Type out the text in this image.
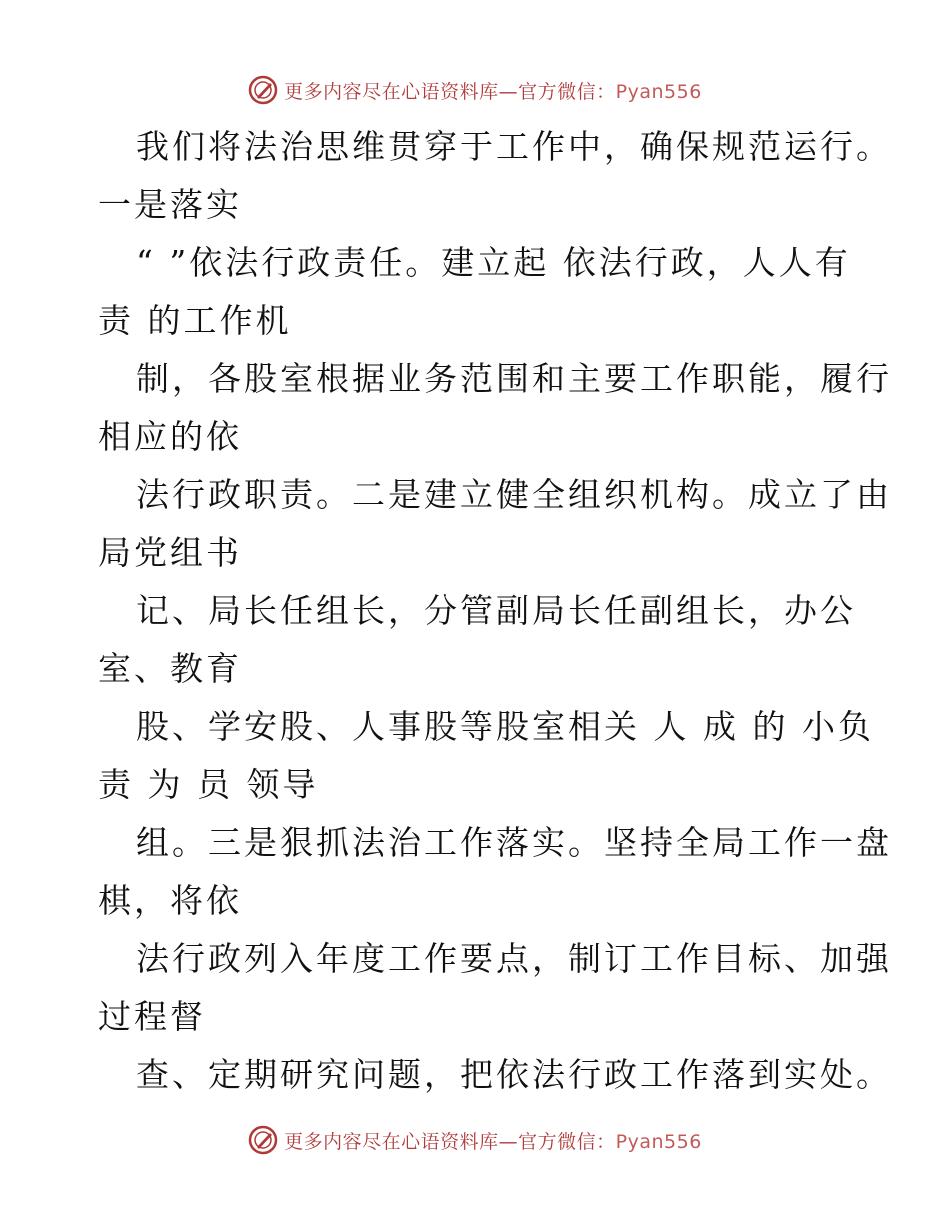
更多内容尽在心语资料库—官方微信：Pyan556
我们将法治思维贯穿于工作中，确保规范运行。
一是落实
“ ”依法行政责任。建立起 依法行政，人人有
责 的工作机
制，各股室根据业务范围和主要工作职能，履行
相应的依
法行政职责。二是建立健全组织机构。成立了由
局党组书
记、局长任组长，分管副局长任副组长，办公
室、教育
股、学安股、人事股等股室相关 人 成 的 小负
责 为 员 领导
组。三是狠抓法治工作落实。坚持全局工作一盘
棋，将依
法行政列入年度工作要点，制订工作目标、加强
过程督
查、定期研究问题，把依法行政工作落到实处。
更多内容尽在心语资料库—官方微信：Pyan556
